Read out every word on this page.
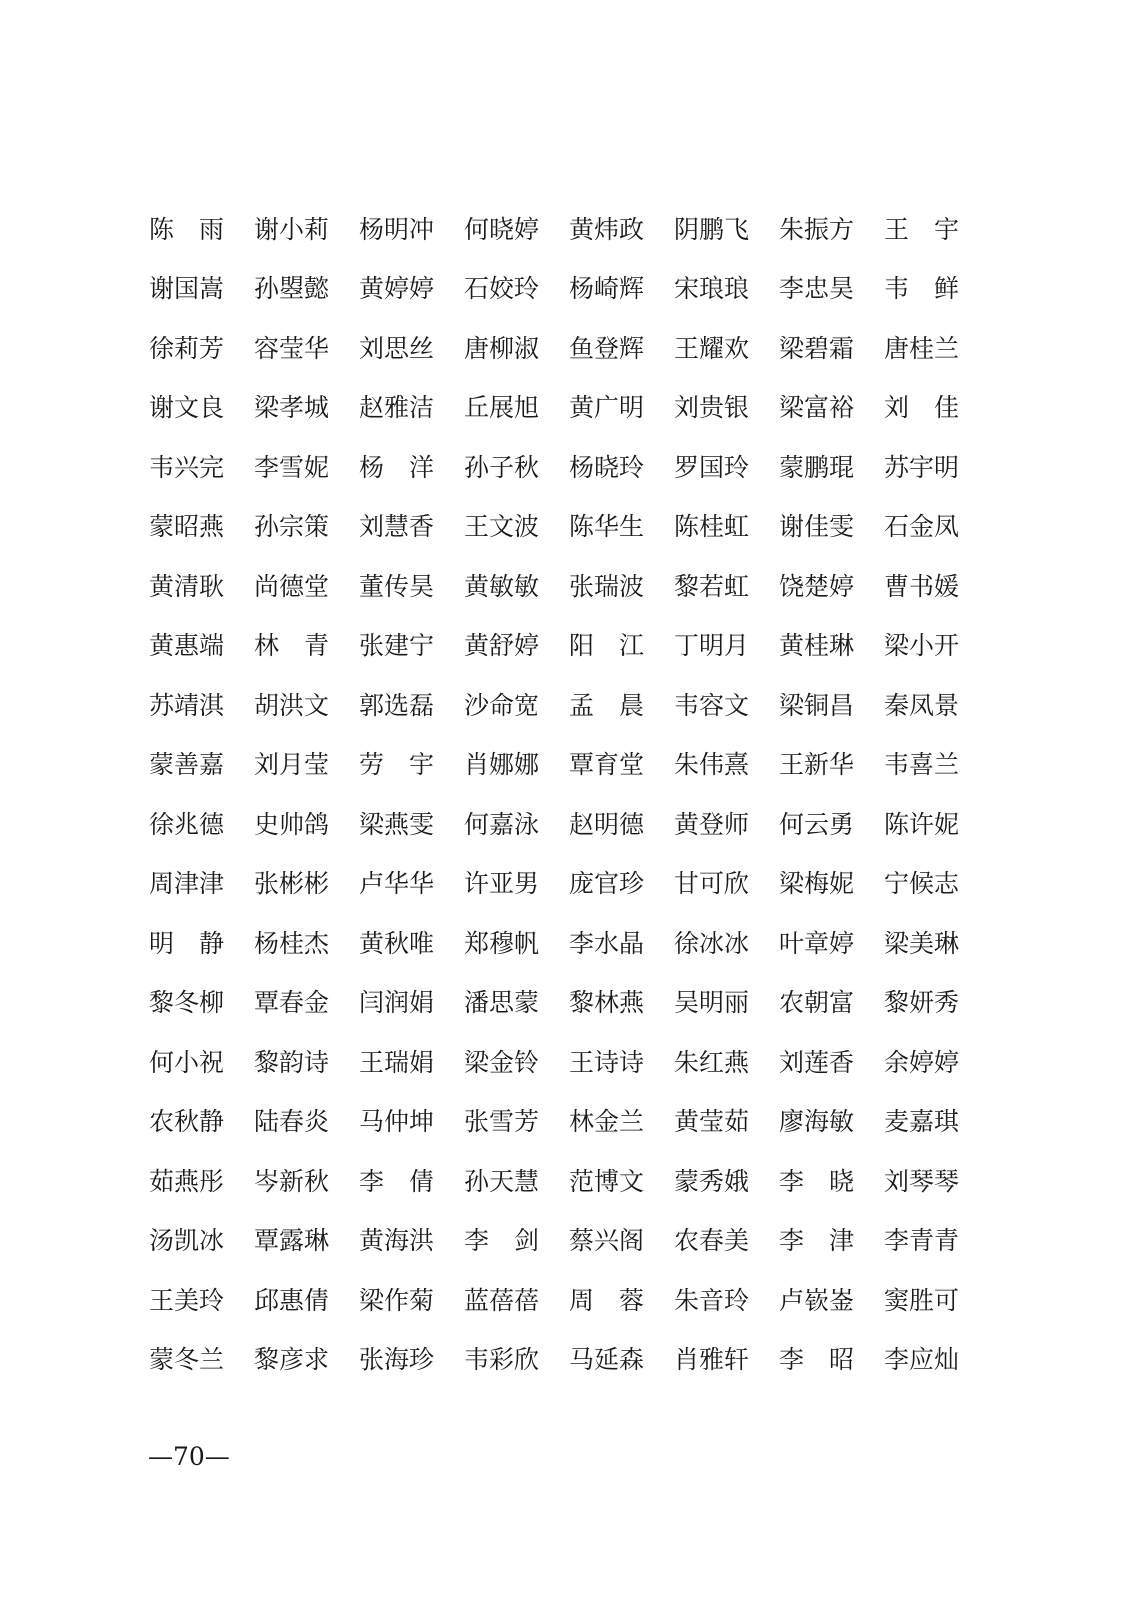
陈　雨	谢小莉	杨明冲	何晓婷	黄炜政	阴鹏飞	朱振方	王　宇
谢国嵩	孙曌懿	黄婷婷	石姣玲	杨崎辉	宋琅琅	李忠昊	韦　鲜
徐莉芳	容莹华	刘思丝	唐柳淑	鱼登辉	王耀欢	梁碧霜	唐桂兰
谢文良	梁孝城	赵雅洁	丘展旭	黄广明	刘贵银	梁富裕	刘　佳
韦兴完	李雪妮	杨　洋	孙子秋	杨晓玲	罗国玲	蒙鹏琨	苏宇明
蒙昭燕	孙宗策	刘慧香	王文波	陈华生	陈桂虹	谢佳雯	石金凤
黄清耿	尚德堂	董传昊	黄敏敏	张瑞波	黎若虹	饶楚婷	曹书媛
黄惠端	林　青	张建宁	黄舒婷	阳　江	丁明月	黄桂琳	梁小开
苏靖淇	胡洪文	郭选磊	沙命宽	孟　晨	韦容文	梁铜昌	秦凤景
蒙善嘉	刘月莹	劳　宇	肖娜娜	覃育堂	朱伟熹	王新华	韦喜兰
徐兆德	史帅鸽	梁燕雯	何嘉泳	赵明德	黄登师	何云勇	陈许妮
周津津	张彬彬	卢华华	许亚男	庞官珍	甘可欣	梁梅妮	宁候志
明　静	杨桂杰	黄秋唯	郑穆帆	李水晶	徐冰冰	叶章婷	梁美琳
黎冬柳	覃春金	闫润娟	潘思蒙	黎林燕	吴明丽	农朝富	黎妍秀
何小祝	黎韵诗	王瑞娟	梁金铃	王诗诗	朱红燕	刘莲香	余婷婷
农秋静	陆春炎	马仲坤	张雪芳	林金兰	黄莹茹	廖海敏	麦嘉琪
茹燕彤	岑新秋	李　倩	孙天慧	范博文	蒙秀娥	李　晓	刘琴琴
汤凯冰	覃露琳	黄海洪	李　剑	蔡兴阁	农春美	李　津	李青青
王美玲	邱惠倩	梁作菊	蓝蓓蓓	周　蓉	朱音玲	卢嵚崟	窦胜可
蒙冬兰	黎彦求	张海珍	韦彩欣	马延森	肖雅轩	李　昭	李应灿
—70—
